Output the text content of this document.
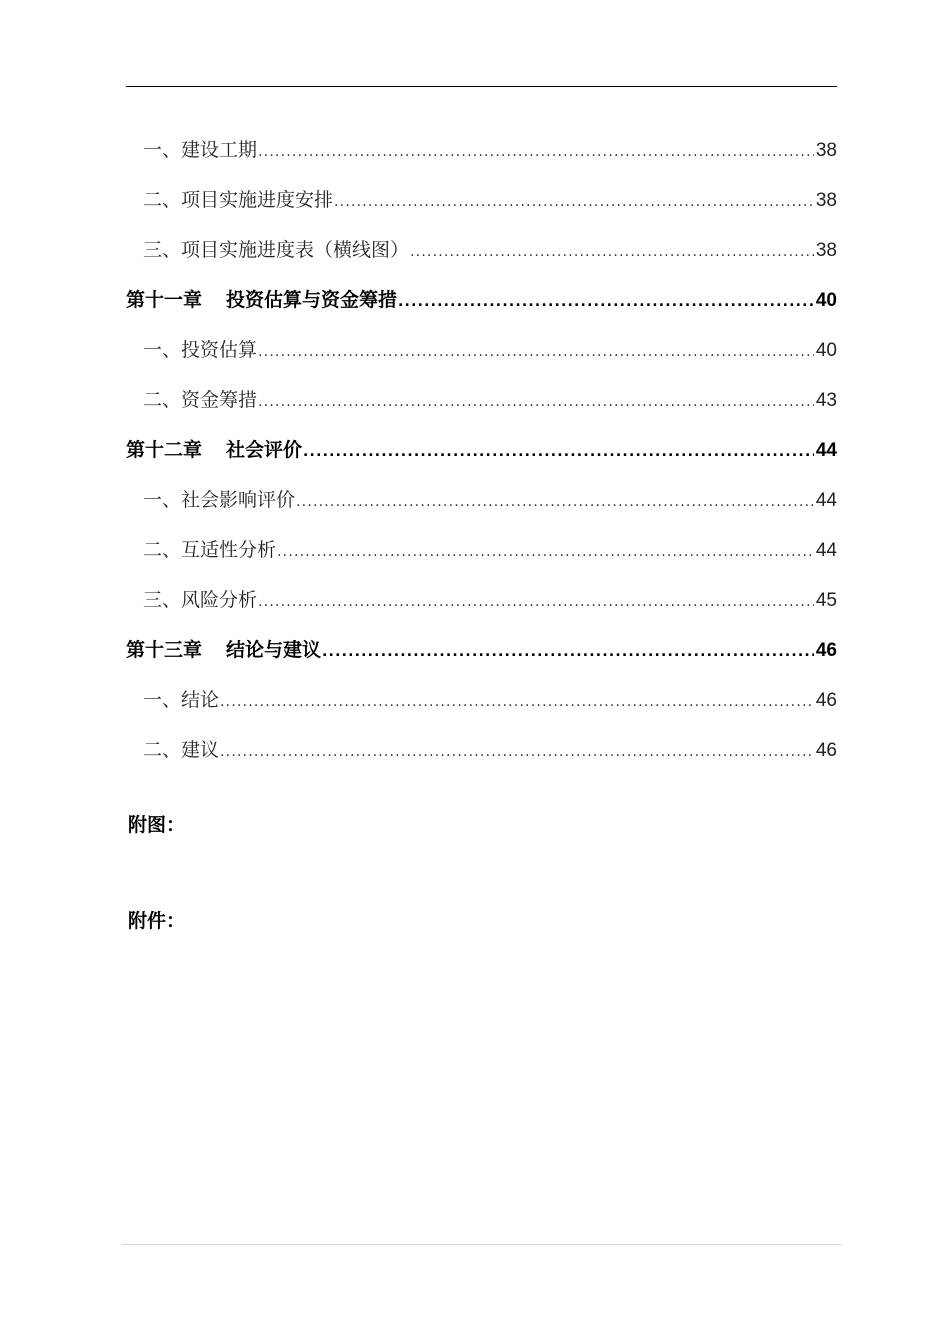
一、建设工期 .....	38
二、项目实施进度安排 .....	38
三、项目实施进度表（横线图） .....	38
第十一章 投资估算与资金筹措 .....	40
一、投资估算 .....	40
二、资金筹措 .....	43
第十二章 社会评价 .....	44
一、社会影响评价 .....	44
二、互适性分析 .....	44
三、风险分析 .....	45
第十三章 结论与建议 .....	46
一、结论 .....	46
二、建议 .....	46
附图：
附件：
